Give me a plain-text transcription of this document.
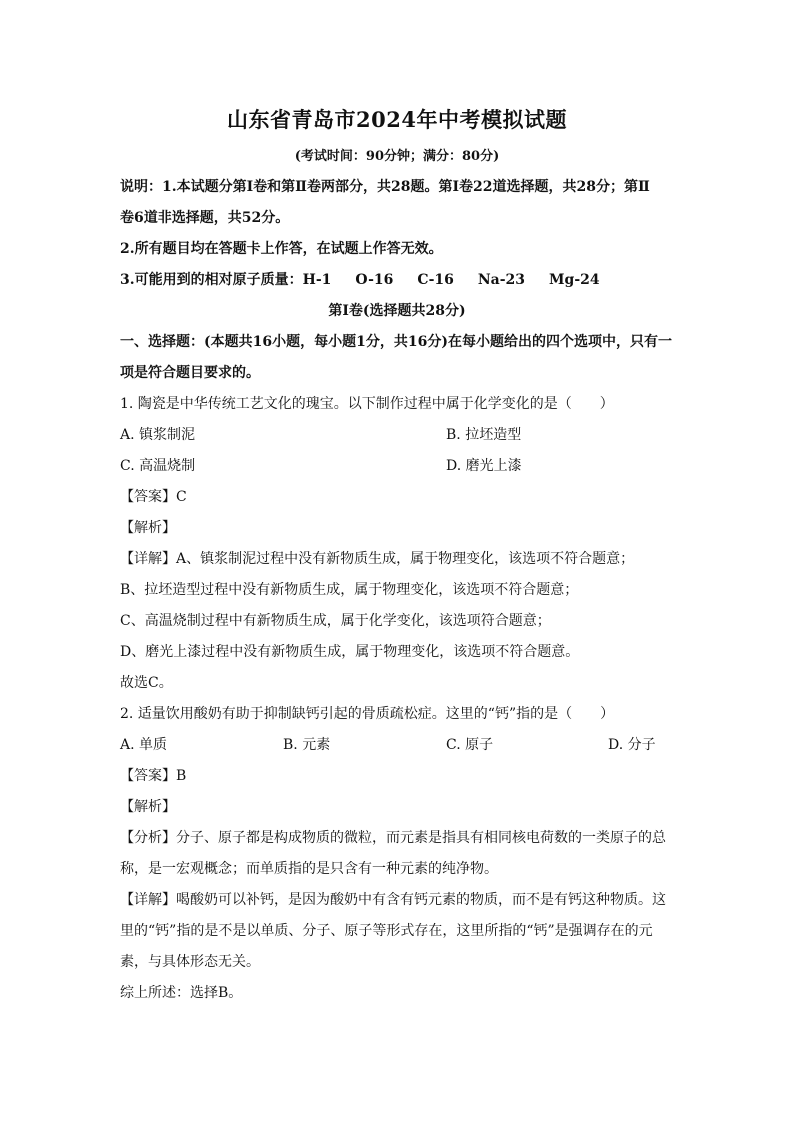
山东省青岛市2024年中考模拟试题
(考试时间：90分钟；满分：80分)
说明：1.本试题分第Ⅰ卷和第Ⅱ卷两部分，共28题。第Ⅰ卷22道选择题，共28分；第Ⅱ
卷6道非选择题，共52分。
2.所有题目均在答题卡上作答，在试题上作答无效。
3.可能用到的相对原子质量：H-1 O-16 C-16 Na-23 Mg-24
第Ⅰ卷(选择题共28分)
一、选择题：(本题共16小题，每小题1分，共16分)在每小题给出的四个选项中，只有一
项是符合题目要求的。
1. 陶瓷是中华传统工艺文化的瑰宝。以下制作过程中属于化学变化的是（　　）
A. 镇浆制泥	B. 拉坯造型
C. 高温烧制	D. 磨光上漆
【答案】C
【解析】
【详解】A、镇浆制泥过程中没有新物质生成，属于物理变化，该选项不符合题意；
B、拉坯造型过程中没有新物质生成，属于物理变化，该选项不符合题意；
C、高温烧制过程中有新物质生成，属于化学变化，该选项符合题意；
D、磨光上漆过程中没有新物质生成，属于物理变化，该选项不符合题意。
故选C。
2. 适量饮用酸奶有助于抑制缺钙引起的骨质疏松症。这里的“钙”指的是（　　）
A. 单质	B. 元素	C. 原子	D. 分子
【答案】B
【解析】
【分析】分子、原子都是构成物质的微粒，而元素是指具有相同核电荷数的一类原子的总
称，是一宏观概念；而单质指的是只含有一种元素的纯净物。
【详解】喝酸奶可以补钙，是因为酸奶中有含有钙元素的物质，而不是有钙这种物质。这
里的“钙”指的是不是以单质、分子、原子等形式存在，这里所指的“钙”是强调存在的元
素，与具体形态无关。
综上所述：选择B。
